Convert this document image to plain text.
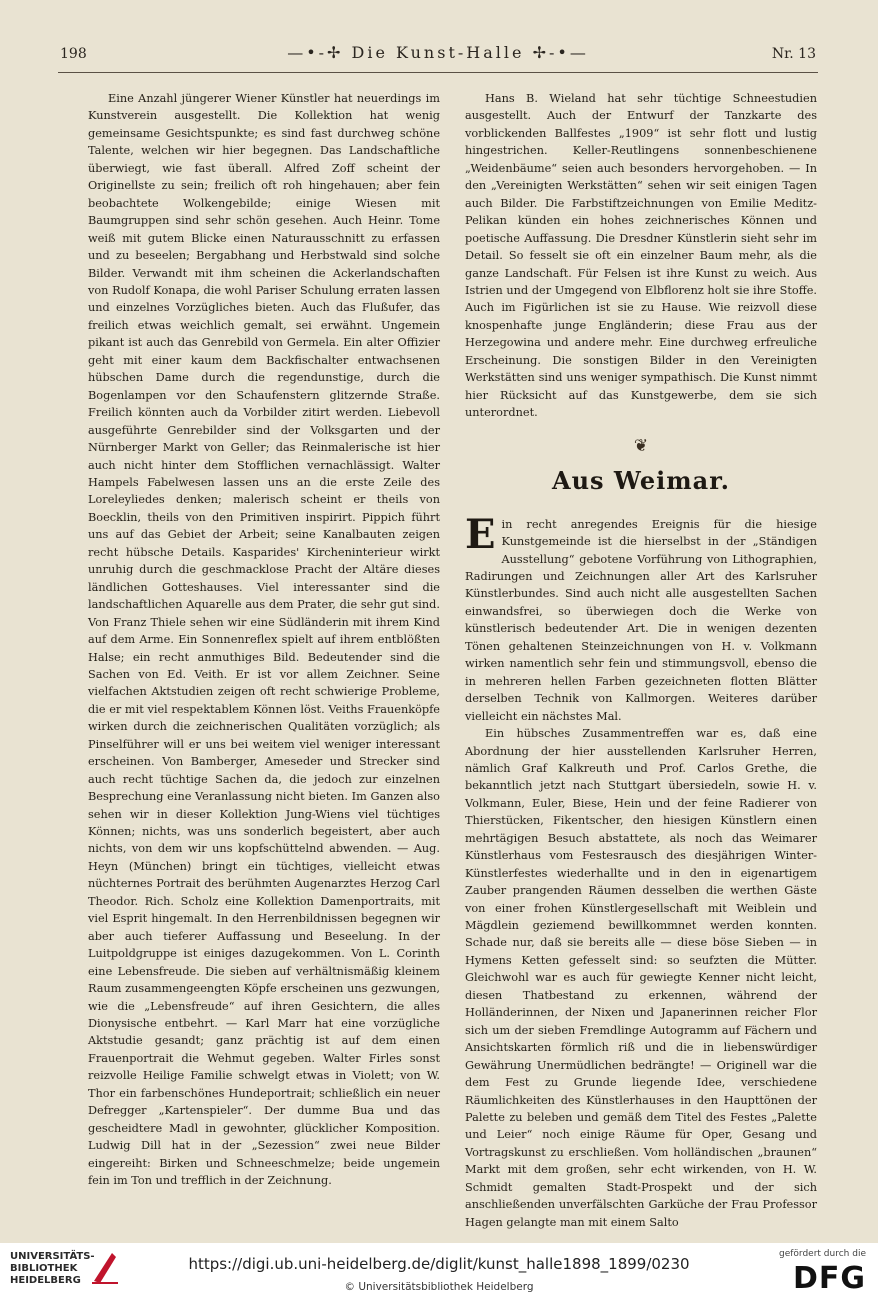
198	—•-✢ Die Kunst-Halle ✢-•—	Nr. 13

Eine Anzahl jüngerer Wiener Künstler hat neuerdings im Kunstverein ausgestellt. Die Kollektion hat wenig gemeinsame Gesichtspunkte; es sind fast durchweg schöne Talente, welchen wir hier begegnen. Das Landschaftliche überwiegt, wie fast überall. Alfred Zoff scheint der Originellste zu sein; freilich oft roh hingehauen; aber fein beobachtete Wolkengebilde; einige Wiesen mit Baumgruppen sind sehr schön gesehen. Auch Heinr. Tome weiß mit gutem Blicke einen Naturausschnitt zu erfassen und zu beseelen; Bergabhang und Herbstwald sind solche Bilder. Verwandt mit ihm scheinen die Ackerlandschaften von Rudolf Konapa, die wohl Pariser Schulung erraten lassen und einzelnes Vorzügliches bieten. Auch das Flußufer, das freilich etwas weichlich gemalt, sei erwähnt. Ungemein pikant ist auch das Genrebild von Germela. Ein alter Offizier geht mit einer kaum dem Backfischalter entwachsenen hübschen Dame durch die regendunstige, durch die Bogenlampen vor den Schaufenstern glitzernde Straße. Freilich könnten auch da Vorbilder zitirt werden. Liebevoll ausgeführte Genrebilder sind der Volksgarten und der Nürnberger Markt von Geller; das Reinmalerische ist hier auch nicht hinter dem Stofflichen vernachlässigt. Walter Hampels Fabelwesen lassen uns an die erste Zeile des Loreleyliedes denken; malerisch scheint er theils von Boecklin, theils von den Primitiven inspirirt. Pippich führt uns auf das Gebiet der Arbeit; seine Kanalbauten zeigen recht hübsche Details. Kasparides' Kircheninterieur wirkt unruhig durch die geschmacklose Pracht der Altäre dieses ländlichen Gotteshauses. Viel interessanter sind die landschaftlichen Aquarelle aus dem Prater, die sehr gut sind. Von Franz Thiele sehen wir eine Südländerin mit ihrem Kind auf dem Arme. Ein Sonnenreflex spielt auf ihrem entblößten Halse; ein recht anmuthiges Bild. Bedeutender sind die Sachen von Ed. Veith. Er ist vor allem Zeichner. Seine vielfachen Aktstudien zeigen oft recht schwierige Probleme, die er mit viel respektablem Können löst. Veiths Frauenköpfe wirken durch die zeichnerischen Qualitäten vorzüglich; als Pinselführer will er uns bei weitem viel weniger interessant erscheinen. Von Bamberger, Ameseder und Strecker sind auch recht tüchtige Sachen da, die jedoch zur einzelnen Besprechung eine Veranlassung nicht bieten. Im Ganzen also sehen wir in dieser Kollektion Jung-Wiens viel tüchtiges Können; nichts, was uns sonderlich begeistert, aber auch nichts, von dem wir uns kopfschüttelnd abwenden. — Aug. Heyn (München) bringt ein tüchtiges, vielleicht etwas nüchternes Portrait des berühmten Augenarztes Herzog Carl Theodor. Rich. Scholz eine Kollektion Damenportraits, mit viel Esprit hingemalt. In den Herrenbildnissen begegnen wir aber auch tieferer Auffassung und Beseelung. In der Luitpoldgruppe ist einiges dazugekommen. Von L. Corinth eine Lebensfreude. Die sieben auf verhältnismäßig kleinem Raum zusammengeengten Köpfe erscheinen uns gezwungen, wie die „Lebensfreude“ auf ihren Gesichtern, die alles Dionysische entbehrt. — Karl Marr hat eine vorzügliche Aktstudie gesandt; ganz prächtig ist auf dem einen Frauenportrait die Wehmut gegeben. Walter Firles sonst reizvolle Heilige Familie schwelgt etwas in Violett; von W. Thor ein farbenschönes Hundeportrait; schließlich ein neuer Defregger „Kartenspieler“. Der dumme Bua und das gescheidtere Madl in gewohnter, glücklicher Komposition. Ludwig Dill hat in der „Sezession“ zwei neue Bilder eingereiht: Birken und Schneeschmelze; beide ungemein fein im Ton und trefflich in der Zeichnung.

Hans B. Wieland hat sehr tüchtige Schneestudien ausgestellt. Auch der Entwurf der Tanzkarte des vorblickenden Ballfestes „1909“ ist sehr flott und lustig hingestrichen. Keller-Reutlingens sonnenbeschienene „Weidenbäume“ seien auch besonders hervorgehoben. — In den „Vereinigten Werkstätten“ sehen wir seit einigen Tagen auch Bilder. Die Farbstiftzeichnungen von Emilie Meditz-Pelikan künden ein hohes zeichnerisches Können und poetische Auffassung. Die Dresdner Künstlerin sieht sehr im Detail. So fesselt sie oft ein einzelner Baum mehr, als die ganze Landschaft. Für Felsen ist ihre Kunst zu weich. Aus Istrien und der Umgegend von Elbflorenz holt sie ihre Stoffe. Auch im Figürlichen ist sie zu Hause. Wie reizvoll diese knospenhafte junge Engländerin; diese Frau aus der Herzegowina und andere mehr. Eine durchweg erfreuliche Erscheinung. Die sonstigen Bilder in den Vereinigten Werkstätten sind uns weniger sympathisch. Die Kunst nimmt hier Rücksicht auf das Kunstgewerbe, dem sie sich unterordnet.

❦
Aus Weimar.

Ein recht anregendes Ereignis für die hiesige Kunstgemeinde ist die hierselbst in der „Ständigen Ausstellung“ gebotene Vorführung von Lithographien, Radirungen und Zeichnungen aller Art des Karlsruher Künstlerbundes. Sind auch nicht alle ausgestellten Sachen einwandsfrei, so überwiegen doch die Werke von künstlerisch bedeutender Art. Die in wenigen dezenten Tönen gehaltenen Steinzeichnungen von H. v. Volkmann wirken namentlich sehr fein und stimmungsvoll, ebenso die in mehreren hellen Farben gezeichneten flotten Blätter derselben Technik von Kallmorgen. Weiteres darüber vielleicht ein nächstes Mal.

Ein hübsches Zusammentreffen war es, daß eine Abordnung der hier ausstellenden Karlsruher Herren, nämlich Graf Kalkreuth und Prof. Carlos Grethe, die bekanntlich jetzt nach Stuttgart übersiedeln, sowie H. v. Volkmann, Euler, Biese, Hein und der feine Radierer von Thierstücken, Fikentscher, den hiesigen Künstlern einen mehrtägigen Besuch abstattete, als noch das Weimarer Künstlerhaus vom Festesrausch des diesjährigen Winter-Künstlerfestes wiederhallte und in den in eigenartigem Zauber prangenden Räumen desselben die werthen Gäste von einer frohen Künstlergesellschaft mit Weiblein und Mägdlein geziemend bewillkommnet werden konnten. Schade nur, daß sie bereits alle — diese böse Sieben — in Hymens Ketten gefesselt sind: so seufzten die Mütter. Gleichwohl war es auch für gewiegte Kenner nicht leicht, diesen Thatbestand zu erkennen, während der Holländerinnen, der Nixen und Japanerinnen reicher Flor sich um der sieben Fremdlinge Autogramm auf Fächern und Ansichtskarten förmlich riß und die in liebenswürdiger Gewährung Unermüdlichen bedrängte! — Originell war die dem Fest zu Grunde liegende Idee, verschiedene Räumlichkeiten des Künstlerhauses in den Haupttönen der Palette zu beleben und gemäß dem Titel des Festes „Palette und Leier“ noch einige Räume für Oper, Gesang und Vortragskunst zu erschließen. Vom holländischen „braunen“ Markt mit dem großen, sehr echt wirkenden, von H. W. Schmidt gemalten Stadt-Prospekt und der sich anschließenden unverfälschten Garküche der Frau Professor Hagen gelangte man mit einem Salto

UNIVERSITÄTS-
BIBLIOTHEK
HEIDELBERG
https://digi.ub.uni-heidelberg.de/diglit/kunst_halle1898_1899/0230
© Universitätsbibliothek Heidelberg
gefördert durch die
DFG
